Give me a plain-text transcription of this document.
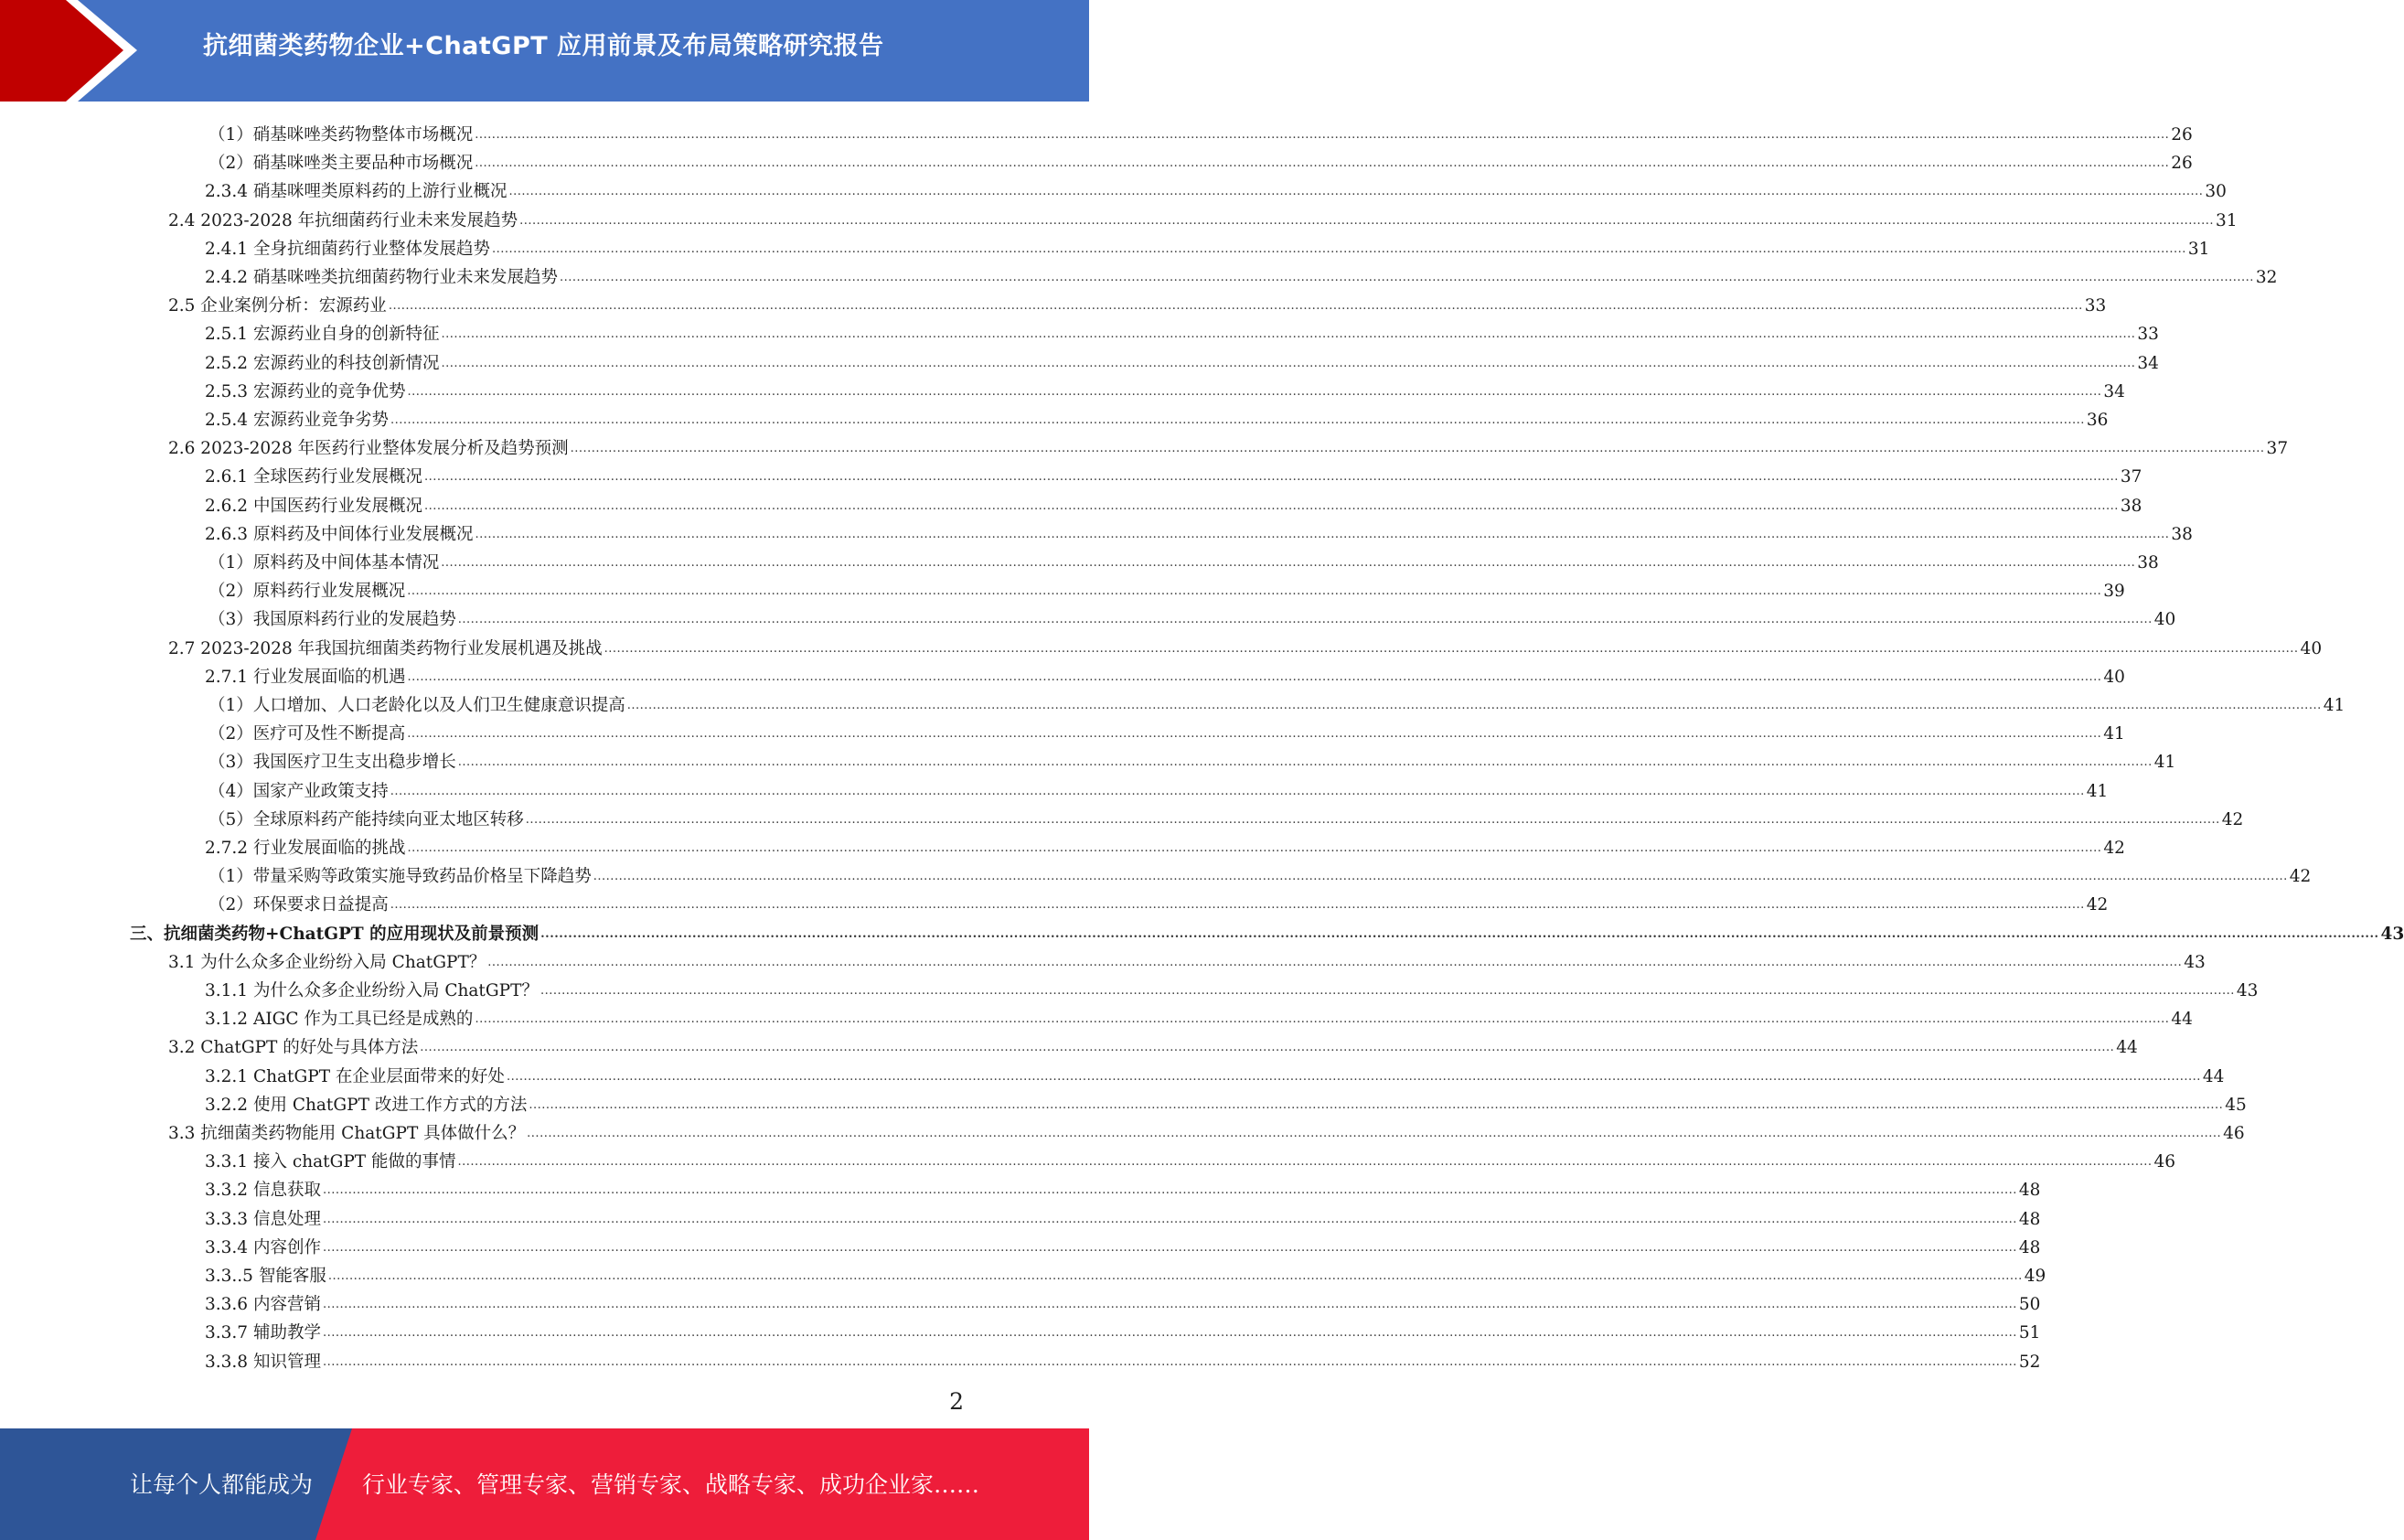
抗细菌类药物企业+ChatGPT 应用前景及布局策略研究报告
（1）硝基咪唑类药物整体市场概况 ................................................................................................................................................................................................................................................................................................................................................................................................................ 26
（2）硝基咪唑类主要品种市场概况 ................................................................................................................................................................................................................................................................................................................................................................................................................ 26
2.3.4 硝基咪哩类原料药的上游行业概况 ................................................................................................................................................................................................................................................................................................................................................................................................................ 30
2.4 2023-2028 年抗细菌药行业未来发展趋势 ................................................................................................................................................................................................................................................................................................................................................................................................................ 31
2.4.1 全身抗细菌药行业整体发展趋势 ................................................................................................................................................................................................................................................................................................................................................................................................................ 31
2.4.2 硝基咪唑类抗细菌药物行业未来发展趋势 ................................................................................................................................................................................................................................................................................................................................................................................................................ 32
2.5 企业案例分析：宏源药业 ................................................................................................................................................................................................................................................................................................................................................................................................................ 33
2.5.1 宏源药业自身的创新特征 ................................................................................................................................................................................................................................................................................................................................................................................................................ 33
2.5.2 宏源药业的科技创新情况 ................................................................................................................................................................................................................................................................................................................................................................................................................ 34
2.5.3 宏源药业的竞争优势 ................................................................................................................................................................................................................................................................................................................................................................................................................ 34
2.5.4 宏源药业竞争劣势 ................................................................................................................................................................................................................................................................................................................................................................................................................ 36
2.6 2023-2028 年医药行业整体发展分析及趋势预测 ................................................................................................................................................................................................................................................................................................................................................................................................................ 37
2.6.1 全球医药行业发展概况 ................................................................................................................................................................................................................................................................................................................................................................................................................ 37
2.6.2 中国医药行业发展概况 ................................................................................................................................................................................................................................................................................................................................................................................................................ 38
2.6.3 原料药及中间体行业发展概况 ................................................................................................................................................................................................................................................................................................................................................................................................................ 38
（1）原料药及中间体基本情况 ................................................................................................................................................................................................................................................................................................................................................................................................................ 38
（2）原料药行业发展概况 ................................................................................................................................................................................................................................................................................................................................................................................................................ 39
（3）我国原料药行业的发展趋势 ................................................................................................................................................................................................................................................................................................................................................................................................................ 40
2.7 2023-2028 年我国抗细菌类药物行业发展机遇及挑战 ................................................................................................................................................................................................................................................................................................................................................................................................................ 40
2.7.1 行业发展面临的机遇 ................................................................................................................................................................................................................................................................................................................................................................................................................ 40
（1）人口增加、人口老龄化以及人们卫生健康意识提高 ................................................................................................................................................................................................................................................................................................................................................................................................................ 41
（2）医疗可及性不断提高 ................................................................................................................................................................................................................................................................................................................................................................................................................ 41
（3）我国医疗卫生支出稳步增长 ................................................................................................................................................................................................................................................................................................................................................................................................................ 41
（4）国家产业政策支持 ................................................................................................................................................................................................................................................................................................................................................................................................................ 41
（5）全球原料药产能持续向亚太地区转移 ................................................................................................................................................................................................................................................................................................................................................................................................................ 42
2.7.2 行业发展面临的挑战 ................................................................................................................................................................................................................................................................................................................................................................................................................ 42
（1）带量采购等政策实施导致药品价格呈下降趋势 ................................................................................................................................................................................................................................................................................................................................................................................................................ 42
（2）环保要求日益提高 ................................................................................................................................................................................................................................................................................................................................................................................................................ 42
三、抗细菌类药物+ChatGPT 的应用现状及前景预测 ................................................................................................................................................................................................................................................................................................................................................................................................................ 43
3.1 为什么众多企业纷纷入局 ChatGPT？ ................................................................................................................................................................................................................................................................................................................................................................................................................ 43
3.1.1 为什么众多企业纷纷入局 ChatGPT？ ................................................................................................................................................................................................................................................................................................................................................................................................................ 43
3.1.2 AIGC 作为工具已经是成熟的 ................................................................................................................................................................................................................................................................................................................................................................................................................ 44
3.2 ChatGPT 的好处与具体方法 ................................................................................................................................................................................................................................................................................................................................................................................................................ 44
3.2.1 ChatGPT 在企业层面带来的好处 ................................................................................................................................................................................................................................................................................................................................................................................................................ 44
3.2.2 使用 ChatGPT 改进工作方式的方法 ................................................................................................................................................................................................................................................................................................................................................................................................................ 45
3.3 抗细菌类药物能用 ChatGPT 具体做什么？ ................................................................................................................................................................................................................................................................................................................................................................................................................ 46
3.3.1 接入 chatGPT 能做的事情 ................................................................................................................................................................................................................................................................................................................................................................................................................ 46
3.3.2 信息获取 ................................................................................................................................................................................................................................................................................................................................................................................................................ 48
3.3.3 信息处理 ................................................................................................................................................................................................................................................................................................................................................................................................................ 48
3.3.4 内容创作 ................................................................................................................................................................................................................................................................................................................................................................................................................ 48
3.3..5 智能客服 ................................................................................................................................................................................................................................................................................................................................................................................................................ 49
3.3.6 内容营销 ................................................................................................................................................................................................................................................................................................................................................................................................................ 50
3.3.7 辅助教学 ................................................................................................................................................................................................................................................................................................................................................................................................................ 51
3.3.8 知识管理 ................................................................................................................................................................................................................................................................................................................................................................................................................ 52
2
让每个人都能成为 行业专家、管理专家、营销专家、战略专家、成功企业家……
